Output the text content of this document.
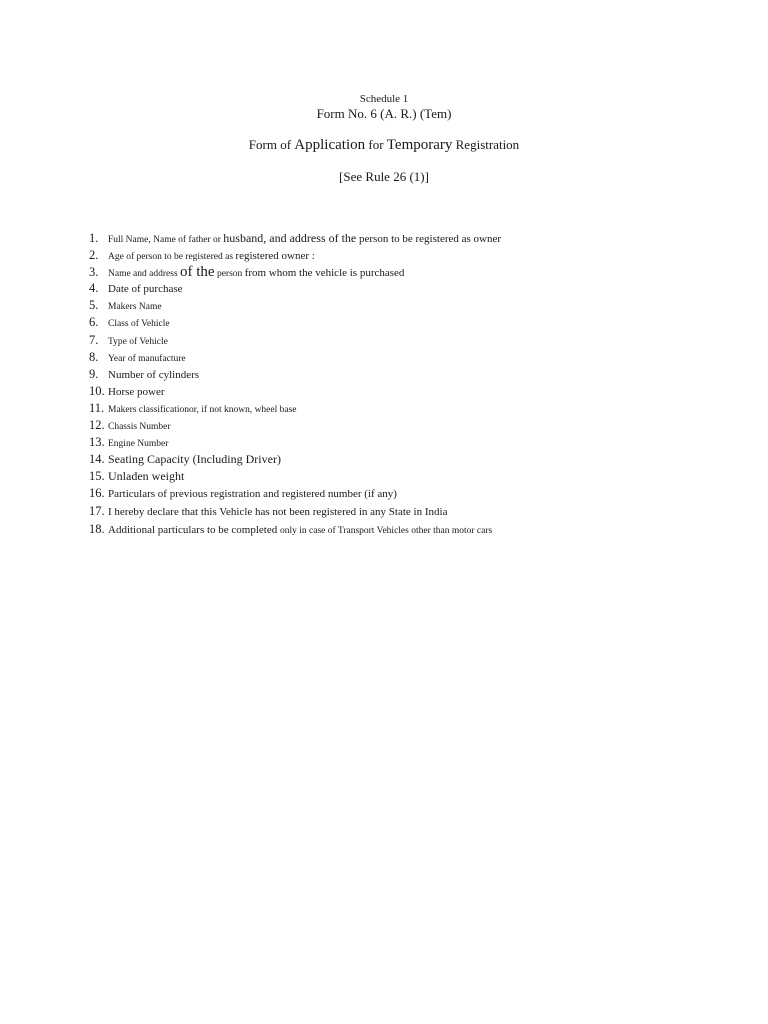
Schedule 1
Form No. 6 (A. R.) (Tem)
Form of Application for Temporary Registration
[See Rule 26 (1)]
1.	Full Name, Name of father or husband, and address of the person to be registered as owner
2.	Age of person to be registered as registered owner :
3.	Name and address of the person from whom the vehicle is purchased
4. Date of purchase
5.	Makers Name
6.	Class of Vehicle
7.	Type of Vehicle
8.	Year of manufacture
9. Number of cylinders
10. Horse power
11. Makers classificationor, if not known, wheel base
12. Chassis Number
13. Engine Number
14. Seating Capacity (Including Driver)
15. Unladen weight
16. Particulars of previous registration and registered number (if any)
17. I hereby declare that this Vehicle has not been registered in any State in India
18. Additional particulars to be completed only in case of Transport Vehicles other than motor cars
